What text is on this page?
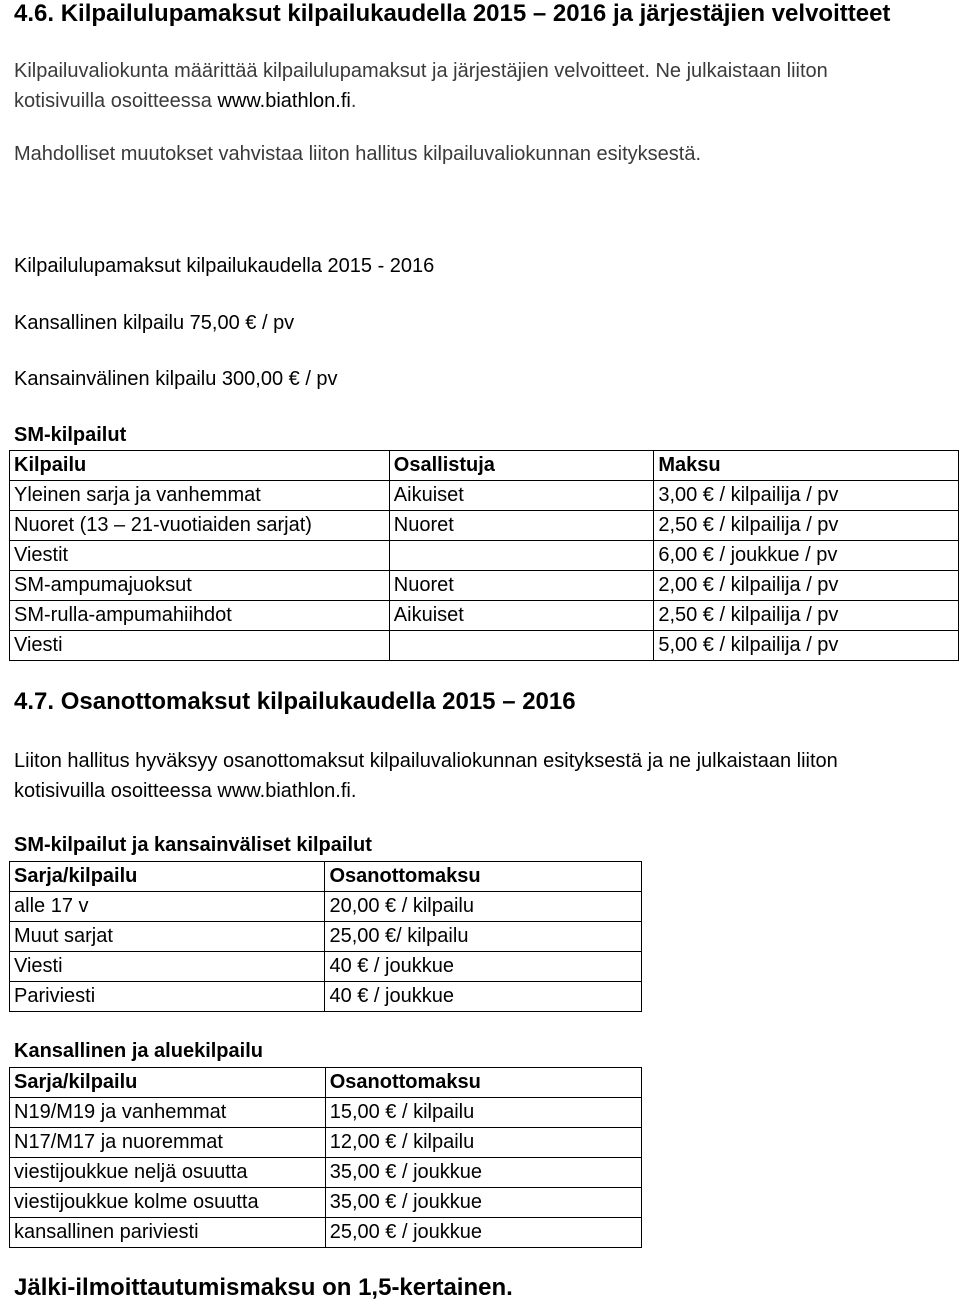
4.6. Kilpailulupamaksut kilpailukaudella 2015 – 2016 ja järjestäjien velvoitteet
Kilpailuvaliokunta määrittää kilpailulupamaksut ja järjestäjien velvoitteet. Ne julkaistaan liiton
kotisivuilla osoitteessa www.biathlon.fi.
Mahdolliset muutokset vahvistaa liiton hallitus kilpailuvaliokunnan esityksestä.
Kilpailulupamaksut kilpailukaudella 2015 - 2016
Kansallinen kilpailu 75,00 € / pv
Kansainvälinen kilpailu 300,00 € / pv
SM-kilpailut
Kilpailu	Osallistuja	Maksu
Yleinen sarja ja vanhemmat	Aikuiset	3,00 € / kilpailija / pv
Nuoret (13 – 21-vuotiaiden sarjat)	Nuoret	2,50 € / kilpailija / pv
Viestit		6,00 € / joukkue / pv
SM-ampumajuoksut	Nuoret	2,00 € / kilpailija / pv
SM-rulla-ampumahiihdot	Aikuiset	2,50 € / kilpailija / pv
Viesti		5,00 € / kilpailija / pv
4.7. Osanottomaksut kilpailukaudella 2015 – 2016
Liiton hallitus hyväksyy osanottomaksut kilpailuvaliokunnan esityksestä ja ne julkaistaan liiton
kotisivuilla osoitteessa www.biathlon.fi.
SM-kilpailut ja kansainväliset kilpailut
Sarja/kilpailu	Osanottomaksu
alle 17 v	20,00 € / kilpailu
Muut sarjat	25,00 €/ kilpailu
Viesti	40 € / joukkue
Pariviesti	40 € / joukkue
Kansallinen ja aluekilpailu
Sarja/kilpailu	Osanottomaksu
N19/M19 ja vanhemmat	15,00 € / kilpailu
N17/M17 ja nuoremmat	12,00 € / kilpailu
viestijoukkue neljä osuutta	35,00 € / joukkue
viestijoukkue kolme osuutta	35,00 € / joukkue
kansallinen pariviesti	25,00 € / joukkue
Jälki-ilmoittautumismaksu on 1,5-kertainen.
